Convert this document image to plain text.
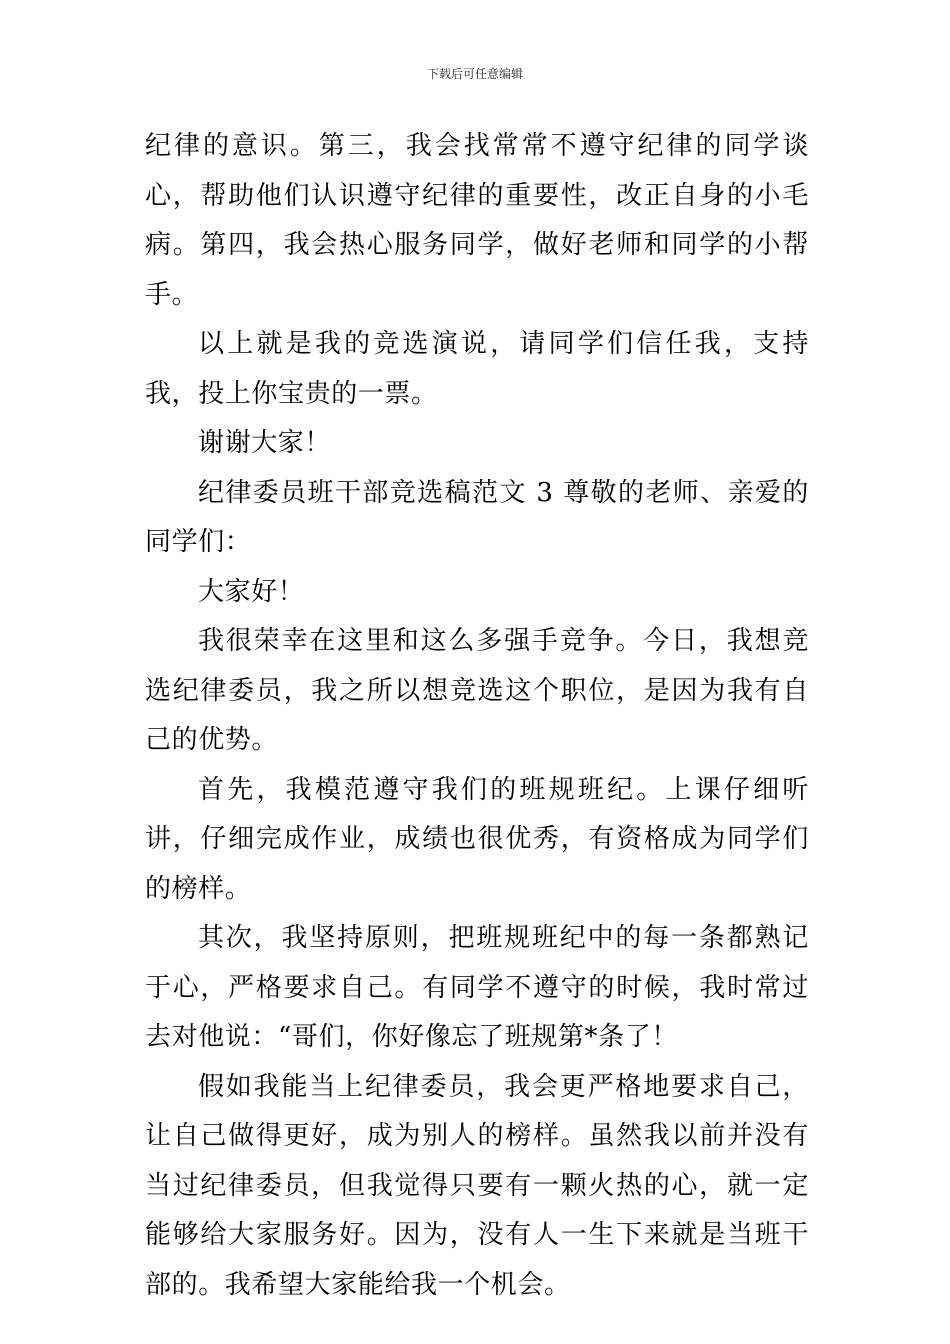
下载后可任意编辑

纪律的意识。第三，我会找常常不遵守纪律的同学谈心，帮助他们认识遵守纪律的重要性，改正自身的小毛病。第四，我会热心服务同学，做好老师和同学的小帮手。

以上就是我的竞选演说，请同学们信任我，支持我，投上你宝贵的一票。

谢谢大家！

纪律委员班干部竞选稿范文 3 尊敬的老师、亲爱的同学们：

大家好！

我很荣幸在这里和这么多强手竞争。今日，我想竞选纪律委员，我之所以想竞选这个职位，是因为我有自己的优势。

首先，我模范遵守我们的班规班纪。上课仔细听讲，仔细完成作业，成绩也很优秀，有资格成为同学们的榜样。

其次，我坚持原则，把班规班纪中的每一条都熟记于心，严格要求自己。有同学不遵守的时候，我时常过去对他说：“哥们，你好像忘了班规第*条了！

假如我能当上纪律委员，我会更严格地要求自己，让自己做得更好，成为别人的榜样。虽然我以前并没有当过纪律委员，但我觉得只要有一颗火热的心，就一定能够给大家服务好。因为，没有人一生下来就是当班干部的。我希望大家能给我一个机会。
